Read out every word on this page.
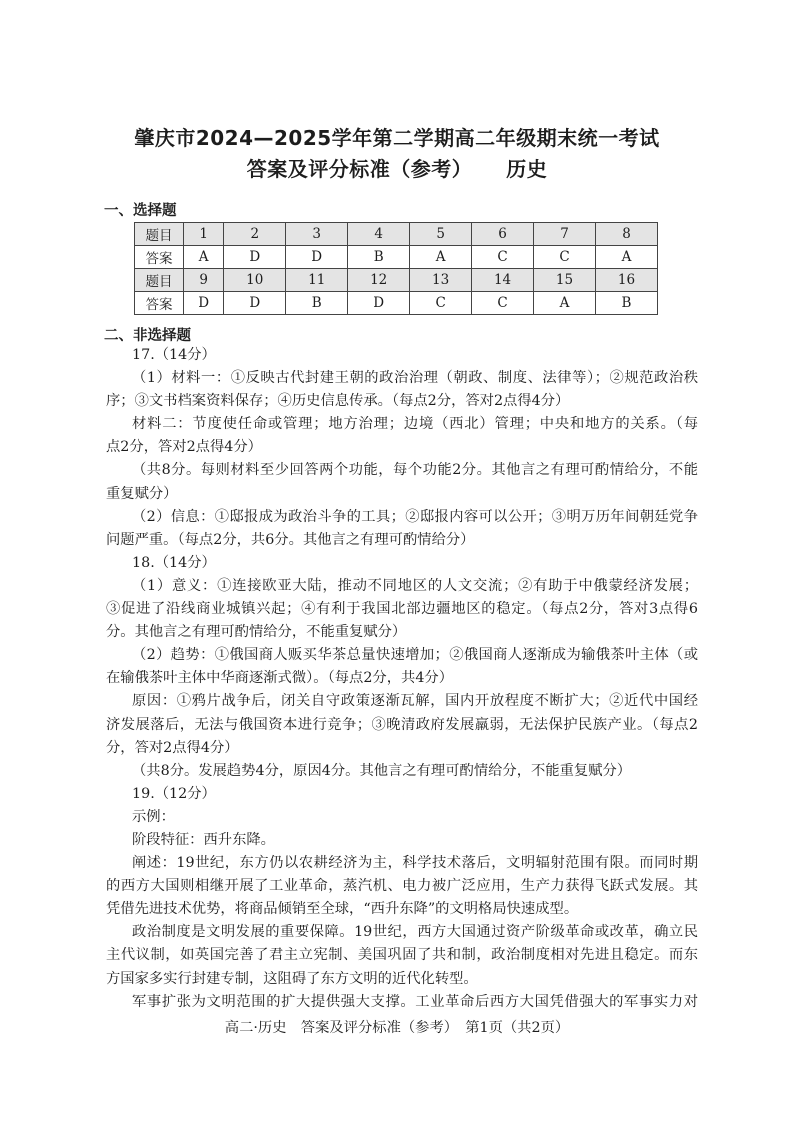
肇庆市2024—2025学年第二学期高二年级期末统一考试
答案及评分标准（参考） 历史
一、选择题
题目	1	2	3	4	5	6	7	8
答案	A	D	D	B	A	C	C	A
题目	9	10	11	12	13	14	15	16
答案	D	D	B	D	C	C	A	B
二、非选择题
17.（14分）
（1）材料一：①反映古代封建王朝的政治治理（朝政、制度、法律等）；②规范政治秩
序；③文书档案资料保存；④历史信息传承。（每点2分，答对2点得4分）
材料二：节度使任命或管理；地方治理；边境（西北）管理；中央和地方的关系。（每
点2分，答对2点得4分）
（共8分。每则材料至少回答两个功能，每个功能2分。其他言之有理可酌情给分，不能
重复赋分）
（2）信息：①邸报成为政治斗争的工具；②邸报内容可以公开；③明万历年间朝廷党争
问题严重。（每点2分，共6分。其他言之有理可酌情给分）
18.（14分）
（1）意义：①连接欧亚大陆，推动不同地区的人文交流；②有助于中俄蒙经济发展；
③促进了沿线商业城镇兴起；④有利于我国北部边疆地区的稳定。（每点2分，答对3点得6
分。其他言之有理可酌情给分，不能重复赋分）
（2）趋势：①俄国商人贩买华茶总量快速增加；②俄国商人逐渐成为输俄茶叶主体（或
在输俄茶叶主体中华商逐渐式微）。（每点2分，共4分）
原因：①鸦片战争后，闭关自守政策逐渐瓦解，国内开放程度不断扩大；②近代中国经
济发展落后，无法与俄国资本进行竞争；③晚清政府发展羸弱，无法保护民族产业。（每点2
分，答对2点得4分）
（共8分。发展趋势4分，原因4分。其他言之有理可酌情给分，不能重复赋分）
19.（12分）
示例：
阶段特征：西升东降。
阐述：19世纪，东方仍以农耕经济为主，科学技术落后，文明辐射范围有限。而同时期
的西方大国则相继开展了工业革命，蒸汽机、电力被广泛应用，生产力获得飞跃式发展。其
凭借先进技术优势，将商品倾销至全球，“西升东降”的文明格局快速成型。
政治制度是文明发展的重要保障。19世纪，西方大国通过资产阶级革命或改革，确立民
主代议制，如英国完善了君主立宪制、美国巩固了共和制，政治制度相对先进且稳定。而东
方国家多实行封建专制，这阻碍了东方文明的近代化转型。
军事扩张为文明范围的扩大提供强大支撑。工业革命后西方大国凭借强大的军事实力对
高二·历史　答案及评分标准（参考）　第1页（共2页）
